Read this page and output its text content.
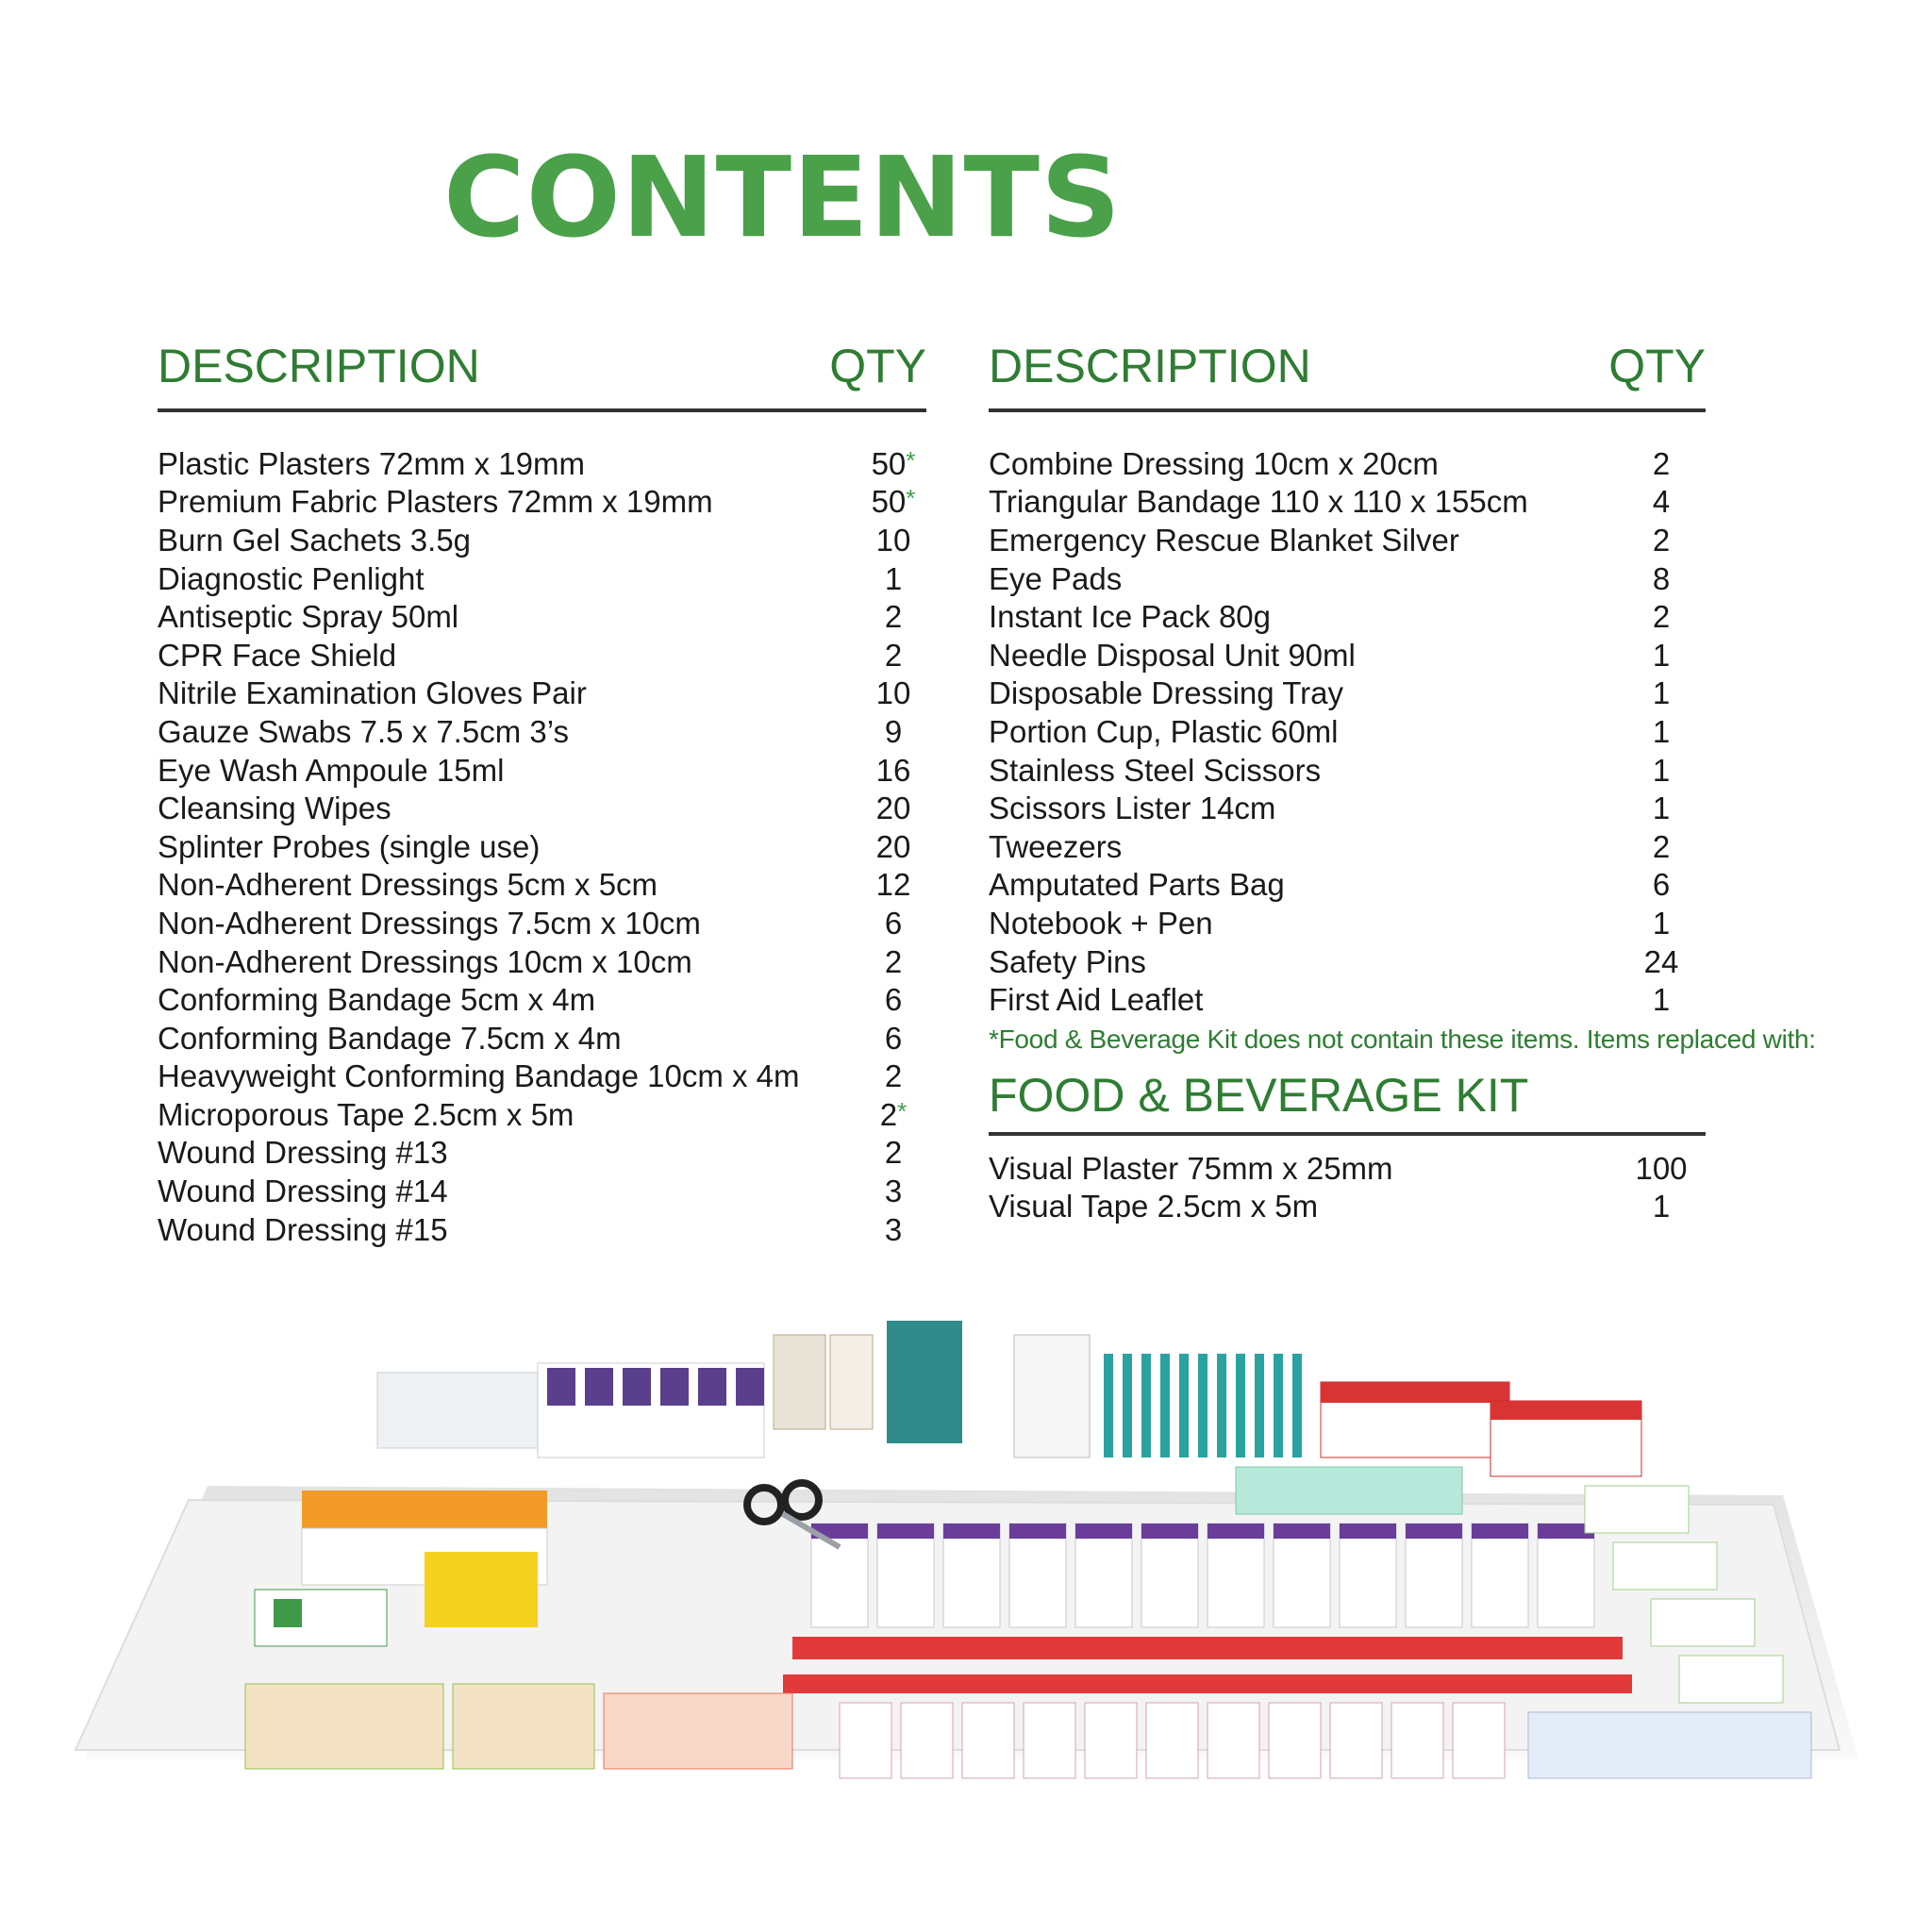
CONTENTS
DESCRIPTION	QTY
Plastic Plasters 72mm x 19mm	50*
Premium Fabric Plasters 72mm x 19mm	50*
Burn Gel Sachets 3.5g	10
Diagnostic Penlight	1
Antiseptic Spray 50ml	2
CPR Face Shield	2
Nitrile Examination Gloves Pair	10
Gauze Swabs 7.5 x 7.5cm 3’s	9
Eye Wash Ampoule 15ml	16
Cleansing Wipes	20
Splinter Probes (single use)	20
Non-Adherent Dressings 5cm x 5cm	12
Non-Adherent Dressings 7.5cm x 10cm	6
Non-Adherent Dressings 10cm x 10cm	2
Conforming Bandage 5cm x 4m	6
Conforming Bandage 7.5cm x 4m	6
Heavyweight Conforming Bandage 10cm x 4m	2
Microporous Tape 2.5cm x 5m	2*
Wound Dressing #13	2
Wound Dressing #14	3
Wound Dressing #15	3
DESCRIPTION	QTY
Combine Dressing 10cm x 20cm	2
Triangular Bandage 110 x 110 x 155cm	4
Emergency Rescue Blanket Silver	2
Eye Pads	8
Instant Ice Pack 80g	2
Needle Disposal Unit 90ml	1
Disposable Dressing Tray	1
Portion Cup, Plastic 60ml	1
Stainless Steel Scissors	1
Scissors Lister 14cm	1
Tweezers	2
Amputated Parts Bag	6
Notebook + Pen	1
Safety Pins	24
First Aid Leaflet	1
*Food & Beverage Kit does not contain these items. Items replaced with:
FOOD & BEVERAGE KIT
Visual Plaster 75mm x 25mm	100
Visual Tape 2.5cm x 5m	1
